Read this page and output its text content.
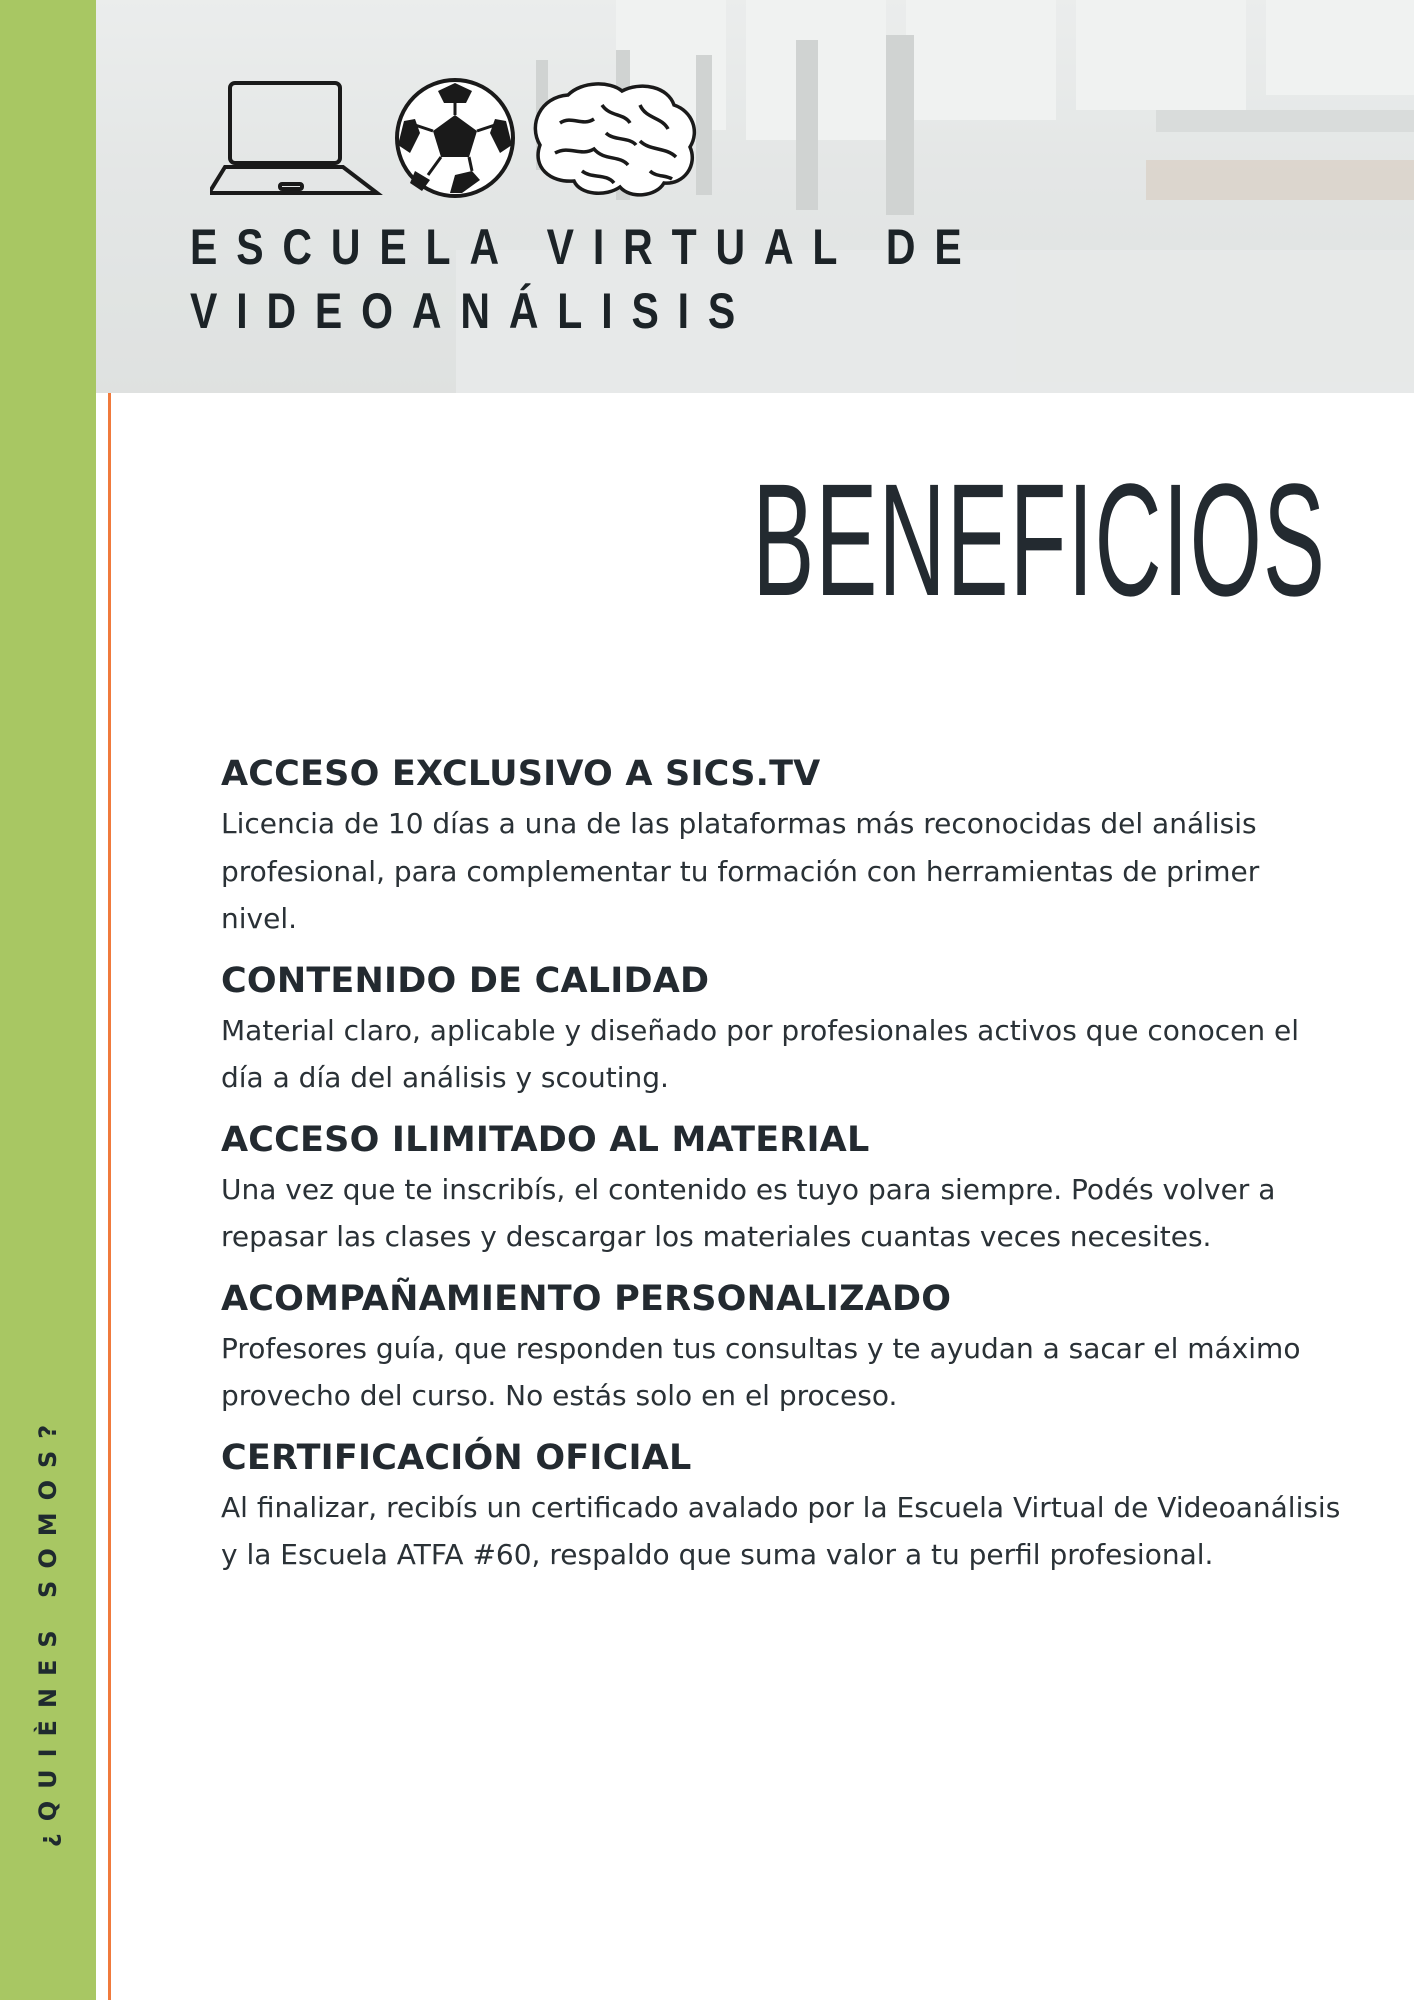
¿QUIÈNES SOMOS?
ESCUELA VIRTUAL DE
VIDEOANÁLISIS
BENEFICIOS
ACCESO EXCLUSIVO A SICS.TV

Licencia de 10 días a una de las plataformas más reconocidas del análisis profesional, para complementar tu formación con herramientas de primer nivel.

CONTENIDO DE CALIDAD

Material claro, aplicable y diseñado por profesionales activos que conocen el día a día del análisis y scouting.

ACCESO ILIMITADO AL MATERIAL

Una vez que te inscribís, el contenido es tuyo para siempre. Podés volver a repasar las clases y descargar los materiales cuantas veces necesites.

ACOMPAÑAMIENTO PERSONALIZADO

Profesores guía, que responden tus consultas y te ayudan a sacar el máximo provecho del curso. No estás solo en el proceso.

CERTIFICACIÓN OFICIAL

Al finalizar, recibís un certificado avalado por la Escuela Virtual de Videoanálisis y la Escuela ATFA #60, respaldo que suma valor a tu perfil profesional.
